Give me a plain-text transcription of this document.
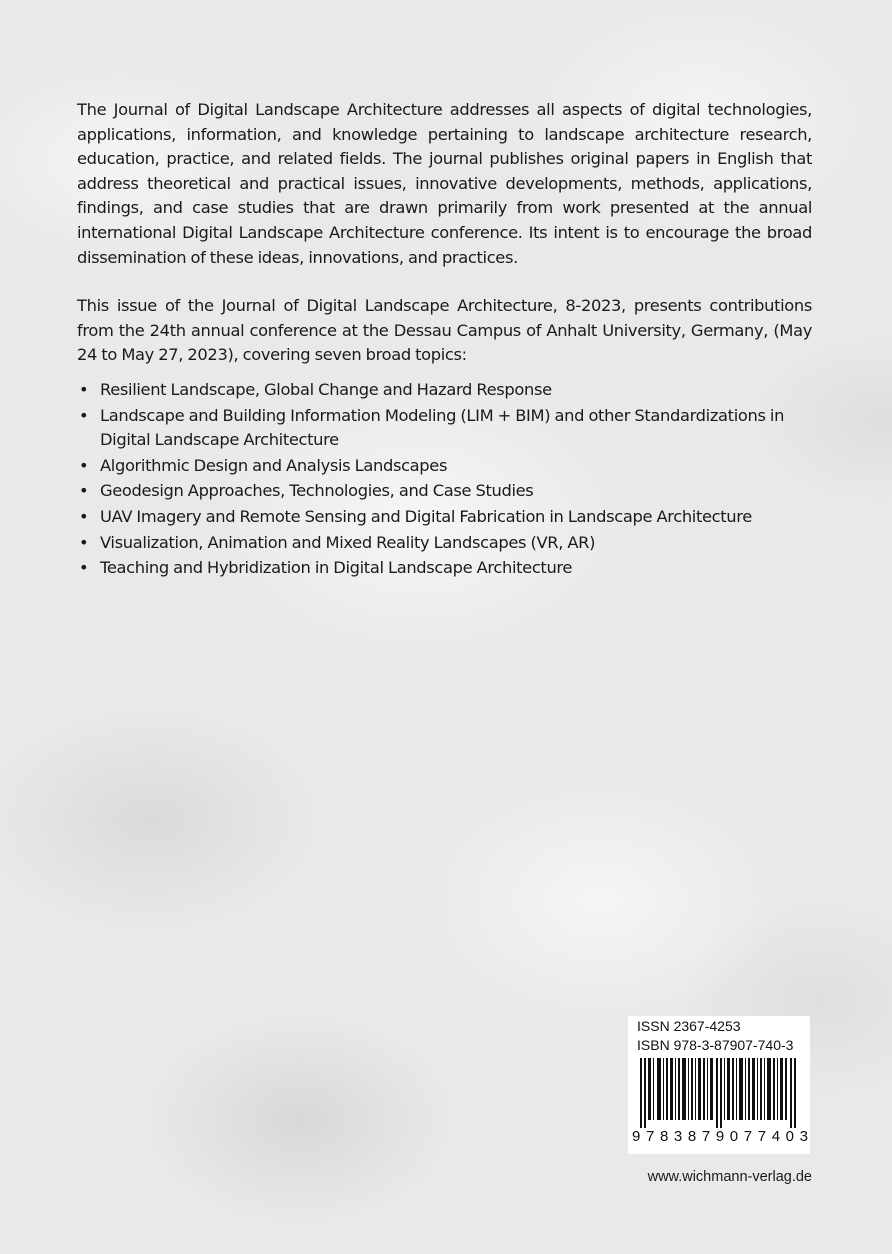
The Journal of Digital Landscape Architecture addresses all aspects of digital technologies, applications, information, and knowledge pertaining to landscape architecture research, education, practice, and related fields. The journal publishes original papers in English that address theoretical and practical issues, innovative developments, methods, applications, findings, and case studies that are drawn primarily from work presented at the annual international Digital Landscape Architecture conference. Its intent is to encourage the broad dissemination of these ideas, innovations, and practices.

This issue of the Journal of Digital Landscape Architecture, 8-2023, presents contributions from the 24th annual conference at the Dessau Campus of Anhalt University, Germany, (May 24 to May 27, 2023), covering seven broad topics:

• Resilient Landscape, Global Change and Hazard Response
• Landscape and Building Information Modeling (LIM + BIM) and other Standardizations in Digital Landscape Architecture
• Algorithmic Design and Analysis Landscapes
• Geodesign Approaches, Technologies, and Case Studies
• UAV Imagery and Remote Sensing and Digital Fabrication in Landscape Architecture
• Visualization, Animation and Mixed Reality Landscapes (VR, AR)
• Teaching and Hybridization in Digital Landscape Architecture
ISSN 2367-4253
ISBN 978-3-87907-740-3
9 7 8 3 8 7 9 0 7 7 4 0 3
www.wichmann-verlag.de
